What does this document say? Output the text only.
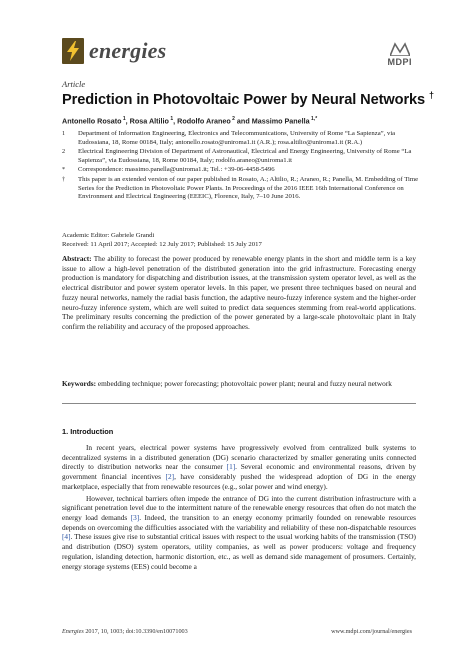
energies	MDPI
Article
Prediction in Photovoltaic Power by Neural Networks †
Antonello Rosato $^1$, Rosa Altilio $^1$, Rodolfo Araneo $^2$ and Massimo Panella $^{1,*}$
1	Department of Information Engineering, Electronics and Telecommunications, University of Rome “La Sapienza”, via Eudossiana, 18, Rome 00184, Italy; antonello.rosato@uniroma1.it (A.R.); rosa.altilio@uniroma1.it (R.A.)
2	Electrical Engineering Division of Department of Astronautical, Electrical and Energy Engineering, University of Rome “La Sapienza”, via Eudossiana, 18, Rome 00184, Italy; rodolfo.araneo@uniroma1.it
*	Correspondence: massimo.panella@uniroma1.it; Tel.: +39-06-4458-5496
†	This paper is an extended version of our paper published in Rosato, A.; Altilio, R.; Araneo, R.; Panella, M. Embedding of Time Series for the Prediction in Photovoltaic Power Plants. In Proceedings of the 2016 IEEE 16th International Conference on Environment and Electrical Engineering (EEEIC), Florence, Italy, 7–10 June 2016.
Academic Editor: Gabriele Grandi
Received: 11 April 2017; Accepted: 12 July 2017; Published: 15 July 2017
Abstract: The ability to forecast the power produced by renewable energy plants in the short and middle term is a key issue to allow a high-level penetration of the distributed generation into the grid infrastructure. Forecasting energy production is mandatory for dispatching and distribution issues, at the transmission system operator level, as well as the electrical distributor and power system operator levels. In this paper, we present three techniques based on neural and fuzzy neural networks, namely the radial basis function, the adaptive neuro-fuzzy inference system and the higher-order neuro-fuzzy inference system, which are well suited to predict data sequences stemming from real-world applications. The preliminary results concerning the prediction of the power generated by a large-scale photovoltaic plant in Italy confirm the reliability and accuracy of the proposed approaches.
Keywords: embedding technique; power forecasting; photovoltaic power plant; neural and fuzzy neural network
1. Introduction

In recent years, electrical power systems have progressively evolved from centralized bulk systems to decentralized systems in a distributed generation (DG) scenario characterized by smaller generating units connected directly to distribution networks near the consumer [1]. Several economic and environmental reasons, driven by government financial incentives [2], have considerably pushed the widespread adoption of DG in the energy marketplace, especially that from renewable resources (e.g., solar power and wind energy).

However, technical barriers often impede the entrance of DG into the current distribution infrastructure with a significant penetration level due to the intermittent nature of the renewable energy resources that often do not match the energy load demands [3]. Indeed, the transition to an energy economy primarily founded on renewable resources depends on overcoming the difficulties associated with the variability and reliability of these non-dispatchable resources [4]. These issues give rise to substantial critical issues with respect to the usual working habits of the transmission (TSO) and distribution (DSO) system operators, utility companies, as well as power producers: voltage and frequency regulation, islanding detection, harmonic distortion, etc., as well as demand side management of prosumers. Certainly, energy storage systems (EES) could become a

Energies 2017, 10, 1003; doi:10.3390/en10071003	www.mdpi.com/journal/energies
